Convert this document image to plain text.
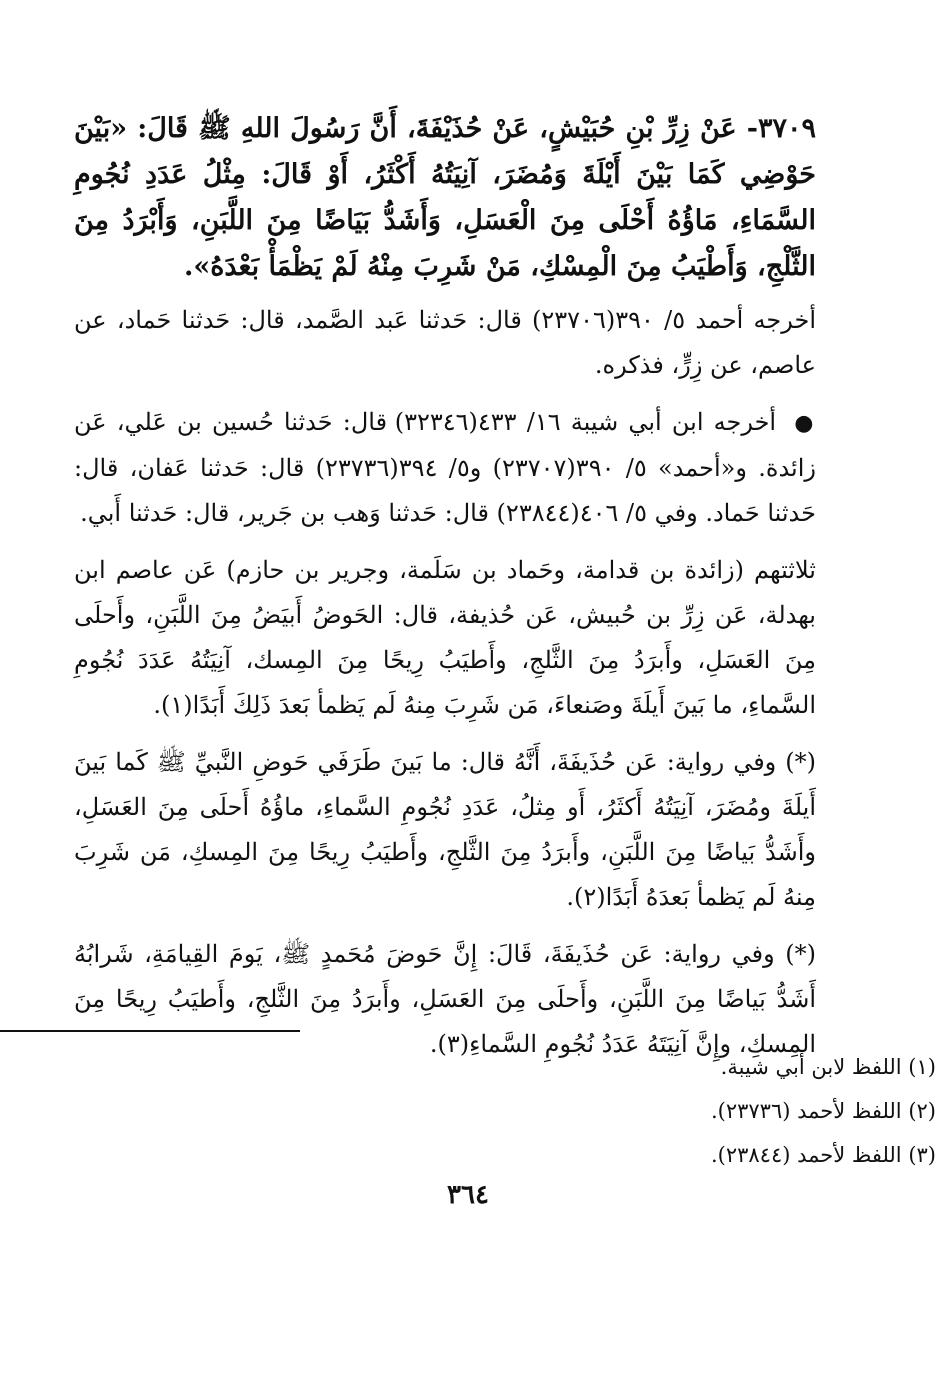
٣٧٠٩- عَنْ زِرِّ بْنِ حُبَيْشٍ، عَنْ حُذَيْفَةَ، أَنَّ رَسُولَ اللهِ ﷺ قَالَ: «بَيْنَ حَوْضِي كَمَا بَيْنَ أَيْلَةَ وَمُضَرَ، آنِيَتُهُ أَكْثَرُ، أَوْ قَالَ: مِثْلُ عَدَدِ نُجُومِ السَّمَاءِ، مَاؤُهُ أَحْلَى مِنَ الْعَسَلِ، وَأَشَدُّ بَيَاضًا مِنَ اللَّبَنِ، وَأَبْرَدُ مِنَ الثَّلْجِ، وَأَطْيَبُ مِنَ الْمِسْكِ، مَنْ شَرِبَ مِنْهُ لَمْ يَظْمَأْ بَعْدَهُ».

أخرجه أحمد ٥/ ٣٩٠(٢٣٧٠٦) قال: حَدثنا عَبد الصَّمد، قال: حَدثنا حَماد، عن عاصم، عن زِرٍّ، فذكره.

● أخرجه ابن أبي شيبة ١٦/ ٤٣٣(٣٢٣٤٦) قال: حَدثنا حُسين بن عَلي، عَن زائدة. و«أحمد» ٥/ ٣٩٠(٢٣٧٠٧) و٥/ ٣٩٤(٢٣٧٣٦) قال: حَدثنا عَفان، قال: حَدثنا حَماد. وفي ٥/ ٤٠٦(٢٣٨٤٤) قال: حَدثنا وَهب بن جَرير، قال: حَدثنا أَبي.

ثلاثتهم (زائدة بن قدامة، وحَماد بن سَلَمة، وجرير بن حازم) عَن عاصم ابن بهدلة، عَن زِرِّ بن حُبيش، عَن حُذيفة، قال: الحَوضُ أَبيَضُ مِنَ اللَّبَنِ، وأَحلَى مِنَ العَسَلِ، وأَبرَدُ مِنَ الثَّلجِ، وأَطيَبُ رِيحًا مِنَ المِسك، آنِيَتُهُ عَدَدَ نُجُومِ السَّماءِ، ما بَينَ أَيلَةَ وصَنعاءَ، مَن شَرِبَ مِنهُ لَم يَظمأ بَعدَ ذَلِكَ أَبَدًا(١).

(*) وفي رواية: عَن حُذَيفَةَ، أَنَّهُ قال: ما بَينَ طَرَفَي حَوضِ النَّبيِّ ﷺ كَما بَينَ أَيلَةَ ومُضَرَ، آنِيَتُهُ أَكثَرُ، أَو مِثلُ، عَدَدِ نُجُومِ السَّماءِ، ماؤُهُ أَحلَى مِنَ العَسَلِ، وأَشَدُّ بَياضًا مِنَ اللَّبَنِ، وأَبرَدُ مِنَ الثَّلجِ، وأَطيَبُ رِيحًا مِنَ المِسكِ، مَن شَرِبَ مِنهُ لَم يَظمأ بَعدَهُ أَبَدًا(٢).

(*) وفي رواية: عَن حُذَيفَةَ، قَالَ: إِنَّ حَوضَ مُحَمدٍ ﷺ، يَومَ القِيامَةِ، شَرابُهُ أَشَدُّ بَياضًا مِنَ اللَّبَنِ، وأَحلَى مِنَ العَسَلِ، وأَبرَدُ مِنَ الثَّلجِ، وأَطيَبُ رِيحًا مِنَ المِسكِ، وإِنَّ آنِيَتَهُ عَدَدُ نُجُومِ السَّماءِ(٣).

(١) اللفظ لابن أبي شيبة.

(٢) اللفظ لأحمد (٢٣٧٣٦).

(٣) اللفظ لأحمد (٢٣٨٤٤).

٣٦٤
